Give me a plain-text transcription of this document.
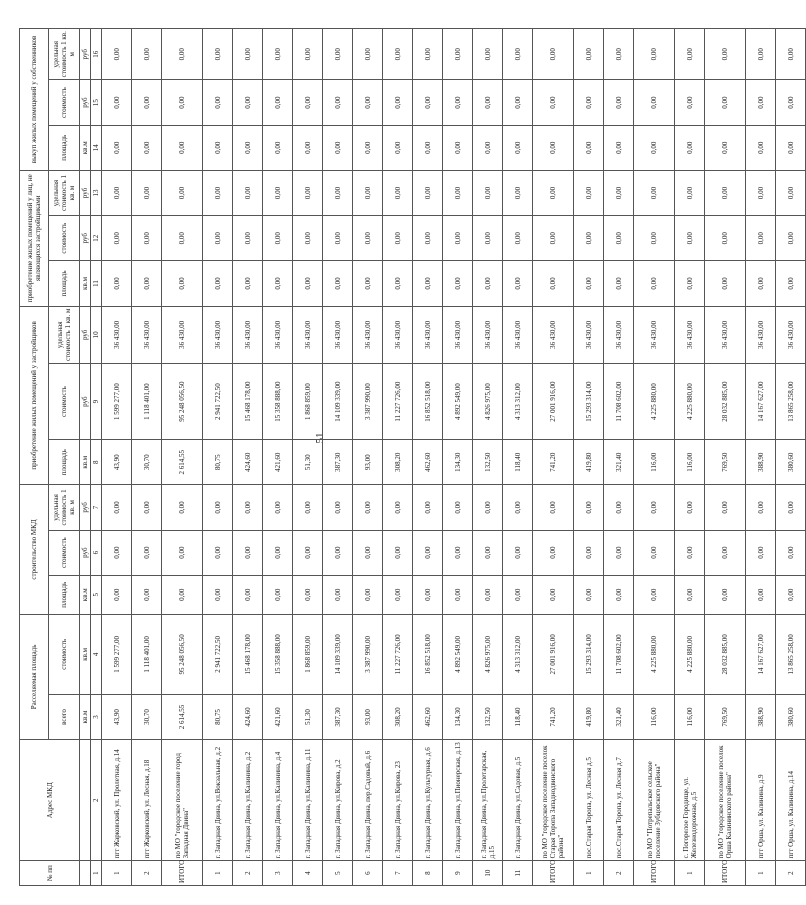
51
№ пп	Адрес МКД	Расселяемая площадь		строительство МКД			приобретение жилых помещений у застройщиков			приобретение жилых помещений у лиц, не являющихся застройщиками			выкуп жилых помещений у собственников		

		всего	стоимость	площадь	стоимость	удельная стоимость 1 кв. м	площадь	стоимость	удельная стоимость 1 кв. м	площадь	стоимость	удельная стоимость 1 кв. м	площадь	стоимость	удельная стоимость 1 кв. м
		кв.м	кв.м	кв.м	руб	руб	кв.м	руб	руб	кв.м	руб	руб	кв.м	руб	руб
1	2	3	4	5	6	7	8	9	10	11	12	13	14	15	16
1	пгт Жарковский, ул. Пролетная, д.14	43,90	1 599 277,00	0,00	0,00	0,00	43,90	1 599 277,00	36 430,00	0,00	0,00	0,00	0,00	0,00	0,00
2	пгт Жарковский, ул. Лесная, д.18	30,70	1 118 401,00	0,00	0,00	0,00	30,70	1 118 401,00	36 430,00	0,00	0,00	0,00	0,00	0,00	0,00
ИТОГО	по МО "городское поселение город Западная Двина"	2 614,55	95 248 056,50	0,00	0,00	0,00	2 614,55	95 248 056,50	36 430,00	0,00	0,00	0,00	0,00	0,00	0,00
1	г. Западная Двина, ул.Вокзальная, д.2	80,75	2 941 722,50	0,00	0,00	0,00	80,75	2 941 722,50	36 430,00	0,00	0,00	0,00	0,00	0,00	0,00
2	г. Западная Двина, ул.Калинина, д.2	424,60	15 468 178,00	0,00	0,00	0,00	424,60	15 468 178,00	36 430,00	0,00	0,00	0,00	0,00	0,00	0,00
3	г. Западная Двина, ул.Калинина, д.4	421,60	15 358 888,00	0,00	0,00	0,00	421,60	15 358 888,00	36 430,00	0,00	0,00	0,00	0,00	0,00	0,00
4	г. Западная Двина, ул.Калинина, д.11	51,30	1 868 859,00	0,00	0,00	0,00	51,30	1 868 859,00	36 430,00	0,00	0,00	0,00	0,00	0,00	0,00
5	г. Западная Двина, ул.Кирова, д.2	387,30	14 109 339,00	0,00	0,00	0,00	387,30	14 109 339,00	36 430,00	0,00	0,00	0,00	0,00	0,00	0,00
6	г. Западная Двина, пер.Садовый, д.6	93,00	3 387 990,00	0,00	0,00	0,00	93,00	3 387 990,00	36 430,00	0,00	0,00	0,00	0,00	0,00	0,00
7	г. Западная Двина, ул.Кирова, 23	308,20	11 227 726,00	0,00	0,00	0,00	308,20	11 227 726,00	36 430,00	0,00	0,00	0,00	0,00	0,00	0,00
8	г. Западная Двина, ул.Культурная, д.6	462,60	16 852 518,00	0,00	0,00	0,00	462,60	16 852 518,00	36 430,00	0,00	0,00	0,00	0,00	0,00	0,00
9	г. Западная Двина, ул.Пионерская, д.13	134,30	4 892 549,00	0,00	0,00	0,00	134,30	4 892 549,00	36 430,00	0,00	0,00	0,00	0,00	0,00	0,00
10	г. Западная Двина, ул.Пролетарская, д.15	132,50	4 826 975,00	0,00	0,00	0,00	132,50	4 826 975,00	36 430,00	0,00	0,00	0,00	0,00	0,00	0,00
11	г. Западная Двина, ул.Садовая, д.5	118,40	4 313 312,00	0,00	0,00	0,00	118,40	4 313 312,00	36 430,00	0,00	0,00	0,00	0,00	0,00	0,00
ИТОГО	по МО "городское поселение поселок Старая Торопа Западнодвинского района"	741,20	27 001 916,00	0,00	0,00	0,00	741,20	27 001 916,00	36 430,00	0,00	0,00	0,00	0,00	0,00	0,00
1	пос.Старая Торопа, ул. Лесная д.5	419,80	15 293 314,00	0,00	0,00	0,00	419,80	15 293 314,00	36 430,00	0,00	0,00	0,00	0,00	0,00	0,00
2	пос.Старая Торопа, ул. Лесная д.7	321,40	11 708 602,00	0,00	0,00	0,00	321,40	11 708 602,00	36 430,00	0,00	0,00	0,00	0,00	0,00	0,00
ИТОГО	по МО "Потрепальское сельское поселение Зубцовского района"	116,00	4 225 880,00	0,00	0,00	0,00	116,00	4 225 880,00	36 430,00	0,00	0,00	0,00	0,00	0,00	0,00
1	с. Погорелое Городище, ул. Железнодорожная, д.5	116,00	4 225 880,00	0,00	0,00	0,00	116,00	4 225 880,00	36 430,00	0,00	0,00	0,00	0,00	0,00	0,00
ИТОГО	по МО "городское поселение поселок Орша Калининского района"	769,50	28 032 885,00	0,00	0,00	0,00	769,50	28 032 885,00	36 430,00	0,00	0,00	0,00	0,00	0,00	0,00
1	пгт Орша, ул. Калинина, д.9	388,90	14 167 627,00	0,00	0,00	0,00	388,90	14 167 627,00	36 430,00	0,00	0,00	0,00	0,00	0,00	0,00
2	пгт Орша, ул. Калинина, д.14	380,60	13 865 258,00	0,00	0,00	0,00	380,60	13 865 258,00	36 430,00	0,00	0,00	0,00	0,00	0,00	0,00
